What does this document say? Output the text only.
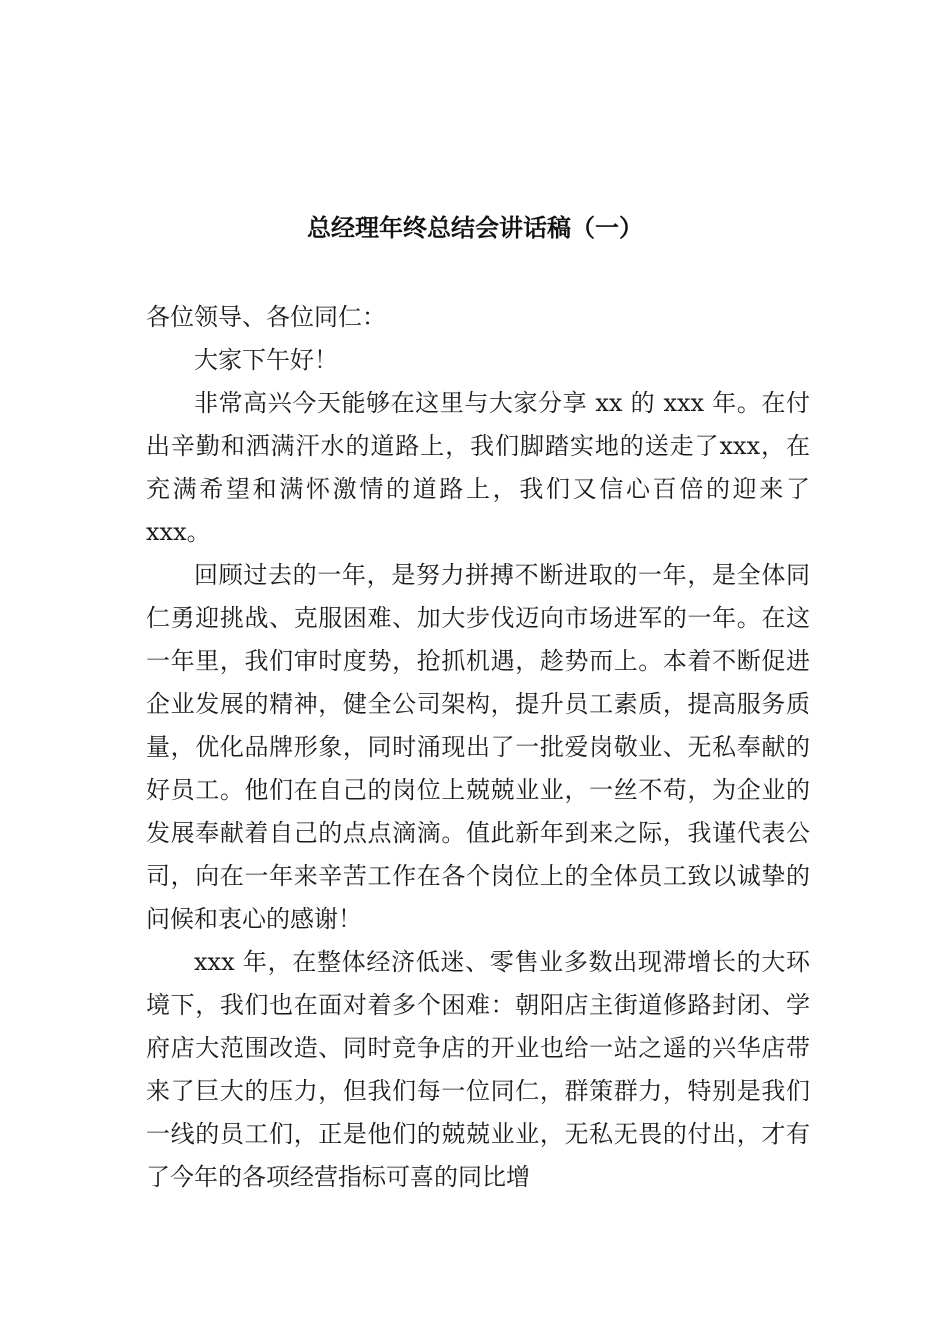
总经理年终总结会讲话稿（一）

各位领导、各位同仁：

大家下午好！

非常高兴今天能够在这里与大家分享 xx 的 xxx 年。在付出辛勤和洒满汗水的道路上，我们脚踏实地的送走了xxx，在充满希望和满怀激情的道路上，我们又信心百倍的迎来了 xxx。

回顾过去的一年，是努力拼搏不断进取的一年，是全体同仁勇迎挑战、克服困难、加大步伐迈向市场进军的一年。在这一年里，我们审时度势，抢抓机遇，趁势而上。本着不断促进企业发展的精神，健全公司架构，提升员工素质，提高服务质量，优化品牌形象，同时涌现出了一批爱岗敬业、无私奉献的好员工。他们在自己的岗位上兢兢业业，一丝不苟，为企业的发展奉献着自己的点点滴滴。值此新年到来之际，我谨代表公司，向在一年来辛苦工作在各个岗位上的全体员工致以诚挚的问候和衷心的感谢！

xxx 年，在整体经济低迷、零售业多数出现滞增长的大环境下，我们也在面对着多个困难：朝阳店主街道修路封闭、学府店大范围改造、同时竞争店的开业也给一站之遥的兴华店带来了巨大的压力，但我们每一位同仁，群策群力，特别是我们一线的员工们，正是他们的兢兢业业，无私无畏的付出，才有了今年的各项经营指标可喜的同比增
